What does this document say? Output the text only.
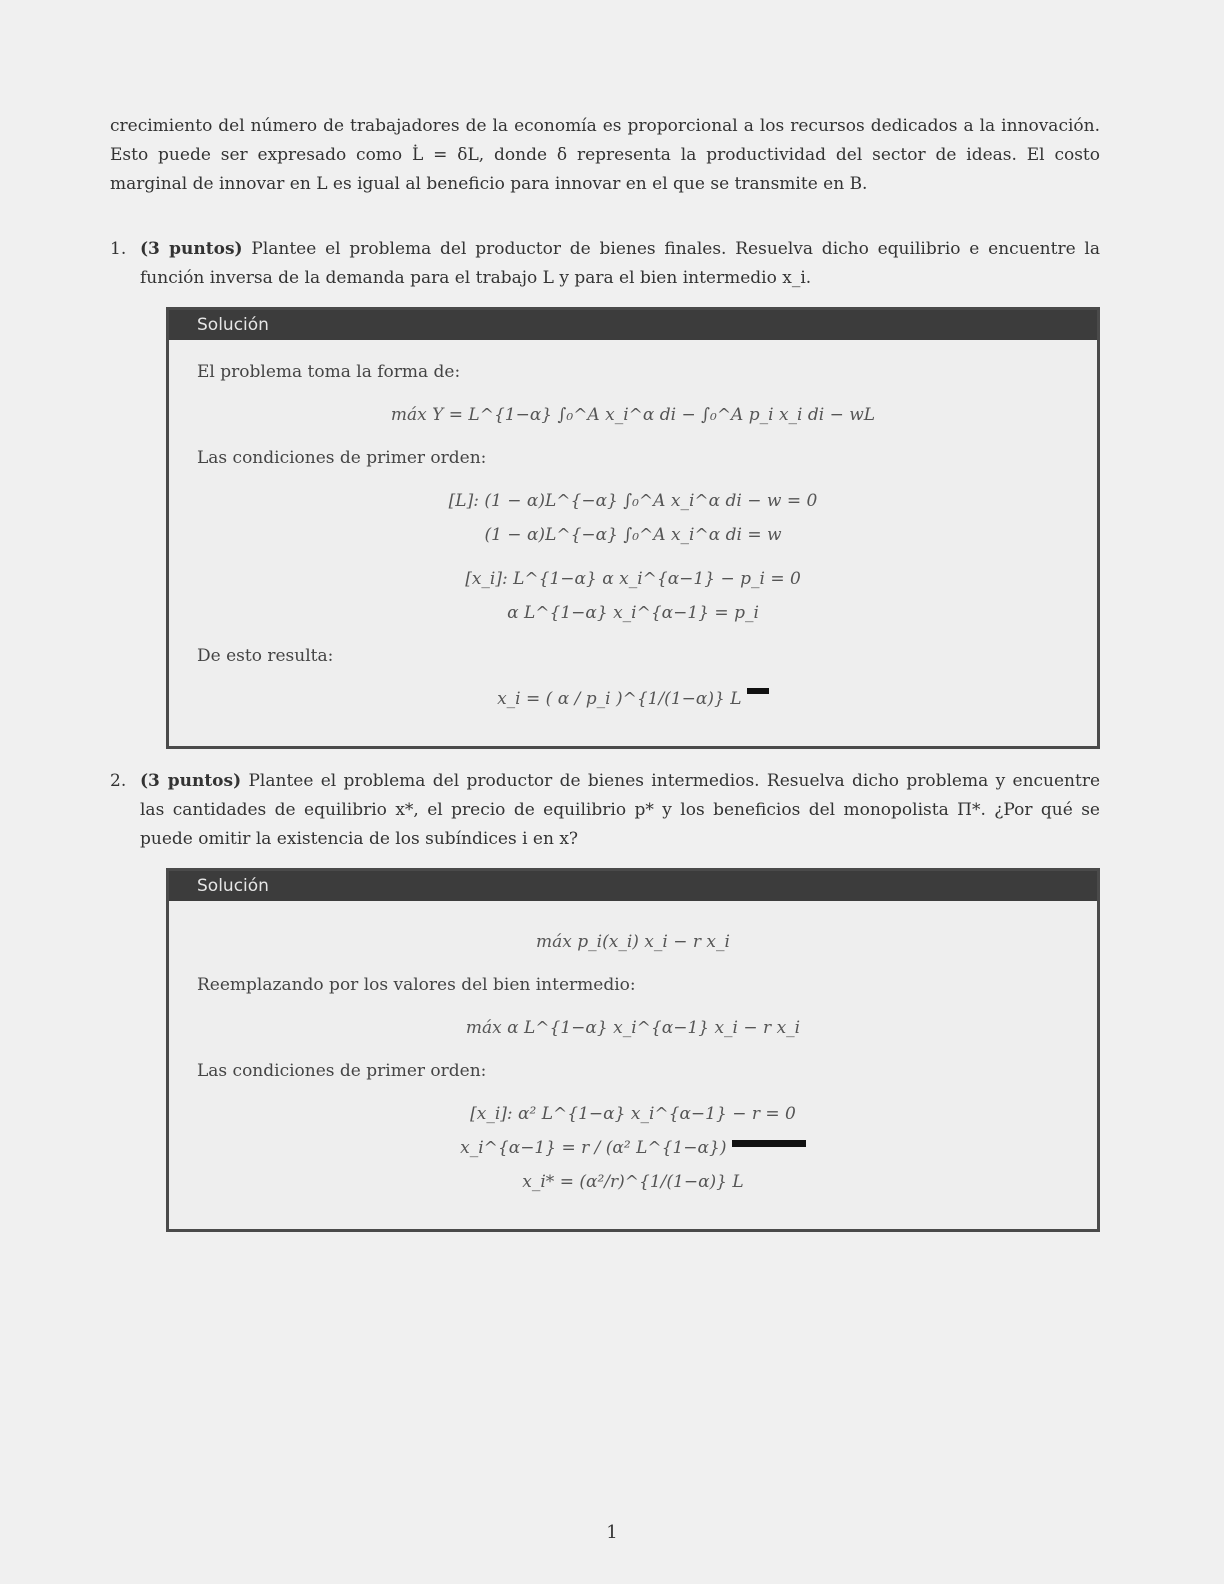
crecimiento del número de trabajadores de la economía es proporcional a los recursos dedicados a la innovación. Esto puede ser expresado como L̇ = δL, donde δ representa la productividad del sector de ideas. El costo marginal de innovar en L es igual al beneficio para innovar en el que se transmite en B.

1. (3 puntos) Plantee el problema del productor de bienes finales. Resuelva dicho equilibrio e encuentre la función inversa de la demanda para el trabajo L y para el bien intermedio x_i.
Solución
El problema toma la forma de:
máx Y = L^{1−α} ∫₀^A x_i^α di − ∫₀^A p_i x_i di − wL
Las condiciones de primer orden:
[L]: (1 − α)L^{−α} ∫₀^A x_i^α di − w = 0
(1 − α)L^{−α} ∫₀^A x_i^α di = w
[x_i]: L^{1−α} α x_i^{α−1} − p_i = 0
α L^{1−α} x_i^{α−1} = p_i
De esto resulta:
x_i = ( α / p_i )^{1/(1−α)} L
2. (3 puntos) Plantee el problema del productor de bienes intermedios. Resuelva dicho problema y encuentre las cantidades de equilibrio x*, el precio de equilibrio p* y los beneficios del monopolista Π*. ¿Por qué se puede omitir la existencia de los subíndices i en x?
Solución
máx p_i(x_i) x_i − r x_i
Reemplazando por los valores del bien intermedio:
máx α L^{1−α} x_i^{α−1} x_i − r x_i
Las condiciones de primer orden:
[x_i]: α² L^{1−α} x_i^{α−1} − r = 0
x_i^{α−1} = r / (α² L^{1−α})
x_i* = (α²/r)^{1/(1−α)} L
1
